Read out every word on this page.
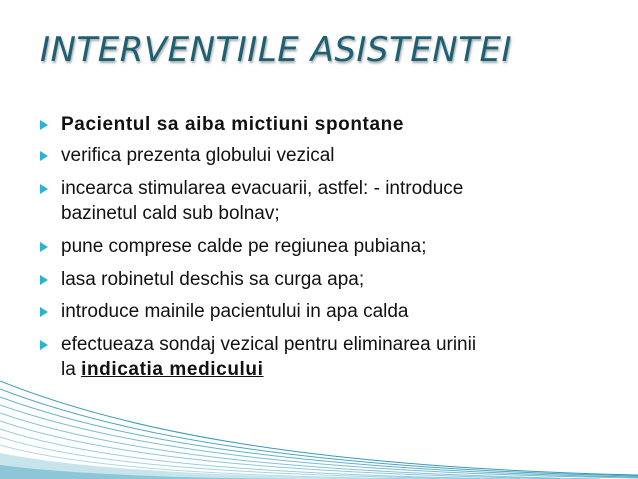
INTERVENTIILE ASISTENTEI
Pacientul sa aiba mictiuni spontane
verifica prezenta globului vezical
incearca stimularea evacuarii, astfel: - introduce
bazinetul cald sub bolnav;
pune comprese calde pe regiunea pubiana;
lasa robinetul deschis sa curga apa;
introduce mainile pacientului in apa calda
efectueaza sondaj vezical pentru eliminarea urinii
la indicatia medicului
